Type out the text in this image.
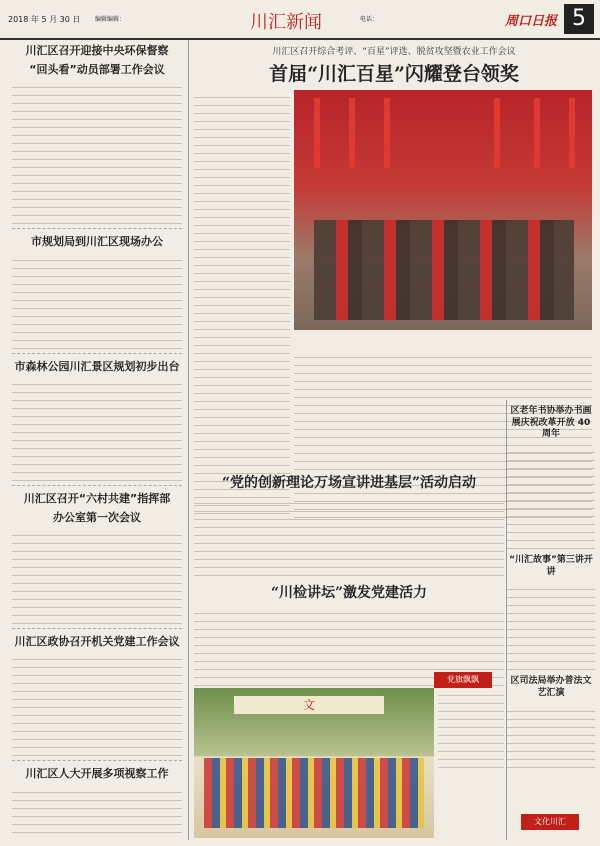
2018 年 5 月 30 日 编辑编辑：	川汇新闻	电话：	周口日报 5
川汇区召开迎接中央环保督察
“回头看”动员部署工作会议
市规划局到川汇区现场办公
市森林公园川汇景区规划初步出台
川汇区召开“六村共建”指挥部
办公室第一次会议
川汇区政协召开机关党建工作会议
川汇区人大开展多项视察工作
川汇区召开综合考评、“百星”评选、脱贫攻坚暨农业工作会议
首届“川汇百星”闪耀登台领奖
“党的创新理论万场宣讲进基层”活动启动
“川检讲坛”激发党建活力
党旗飘飘
文
区老年书协举办书画展庆祝改革开放 40 周年
“川汇故事”第三讲开讲
区司法局举办普法文艺汇演
文化川汇
